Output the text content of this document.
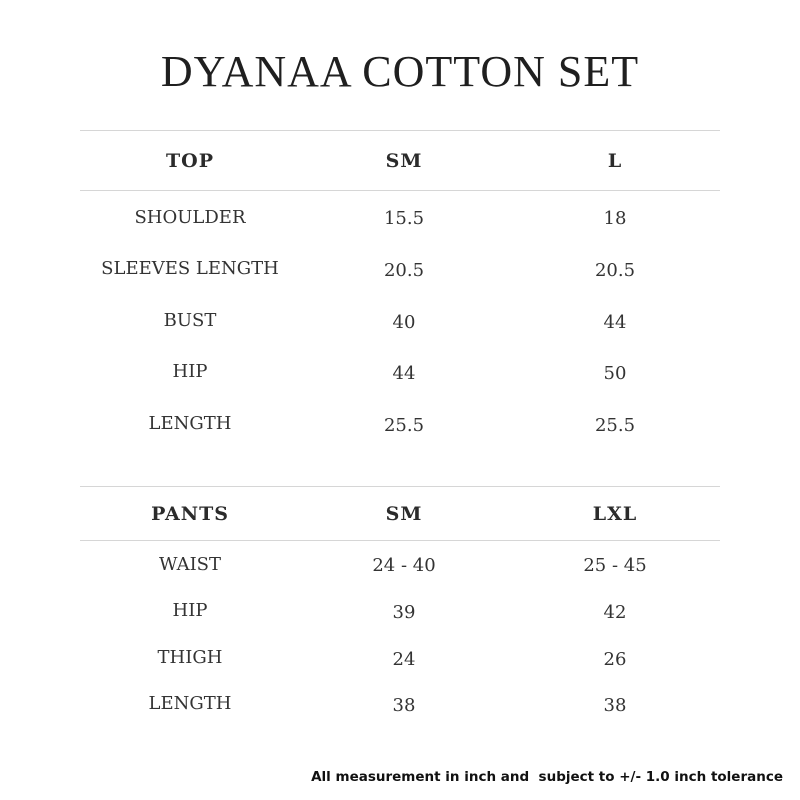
DYANAA COTTON SET
TOP	SM	L
SHOULDER	15.5	18
SLEEVES LENGTH	20.5	20.5
BUST	40	44
HIP	44	50
LENGTH	25.5	25.5
PANTS	SM	LXL
WAIST	24 - 40	25 - 45
HIP	39	42
THIGH	24	26
LENGTH	38	38
All measurement in inch and  subject to +/- 1.0 inch tolerance
